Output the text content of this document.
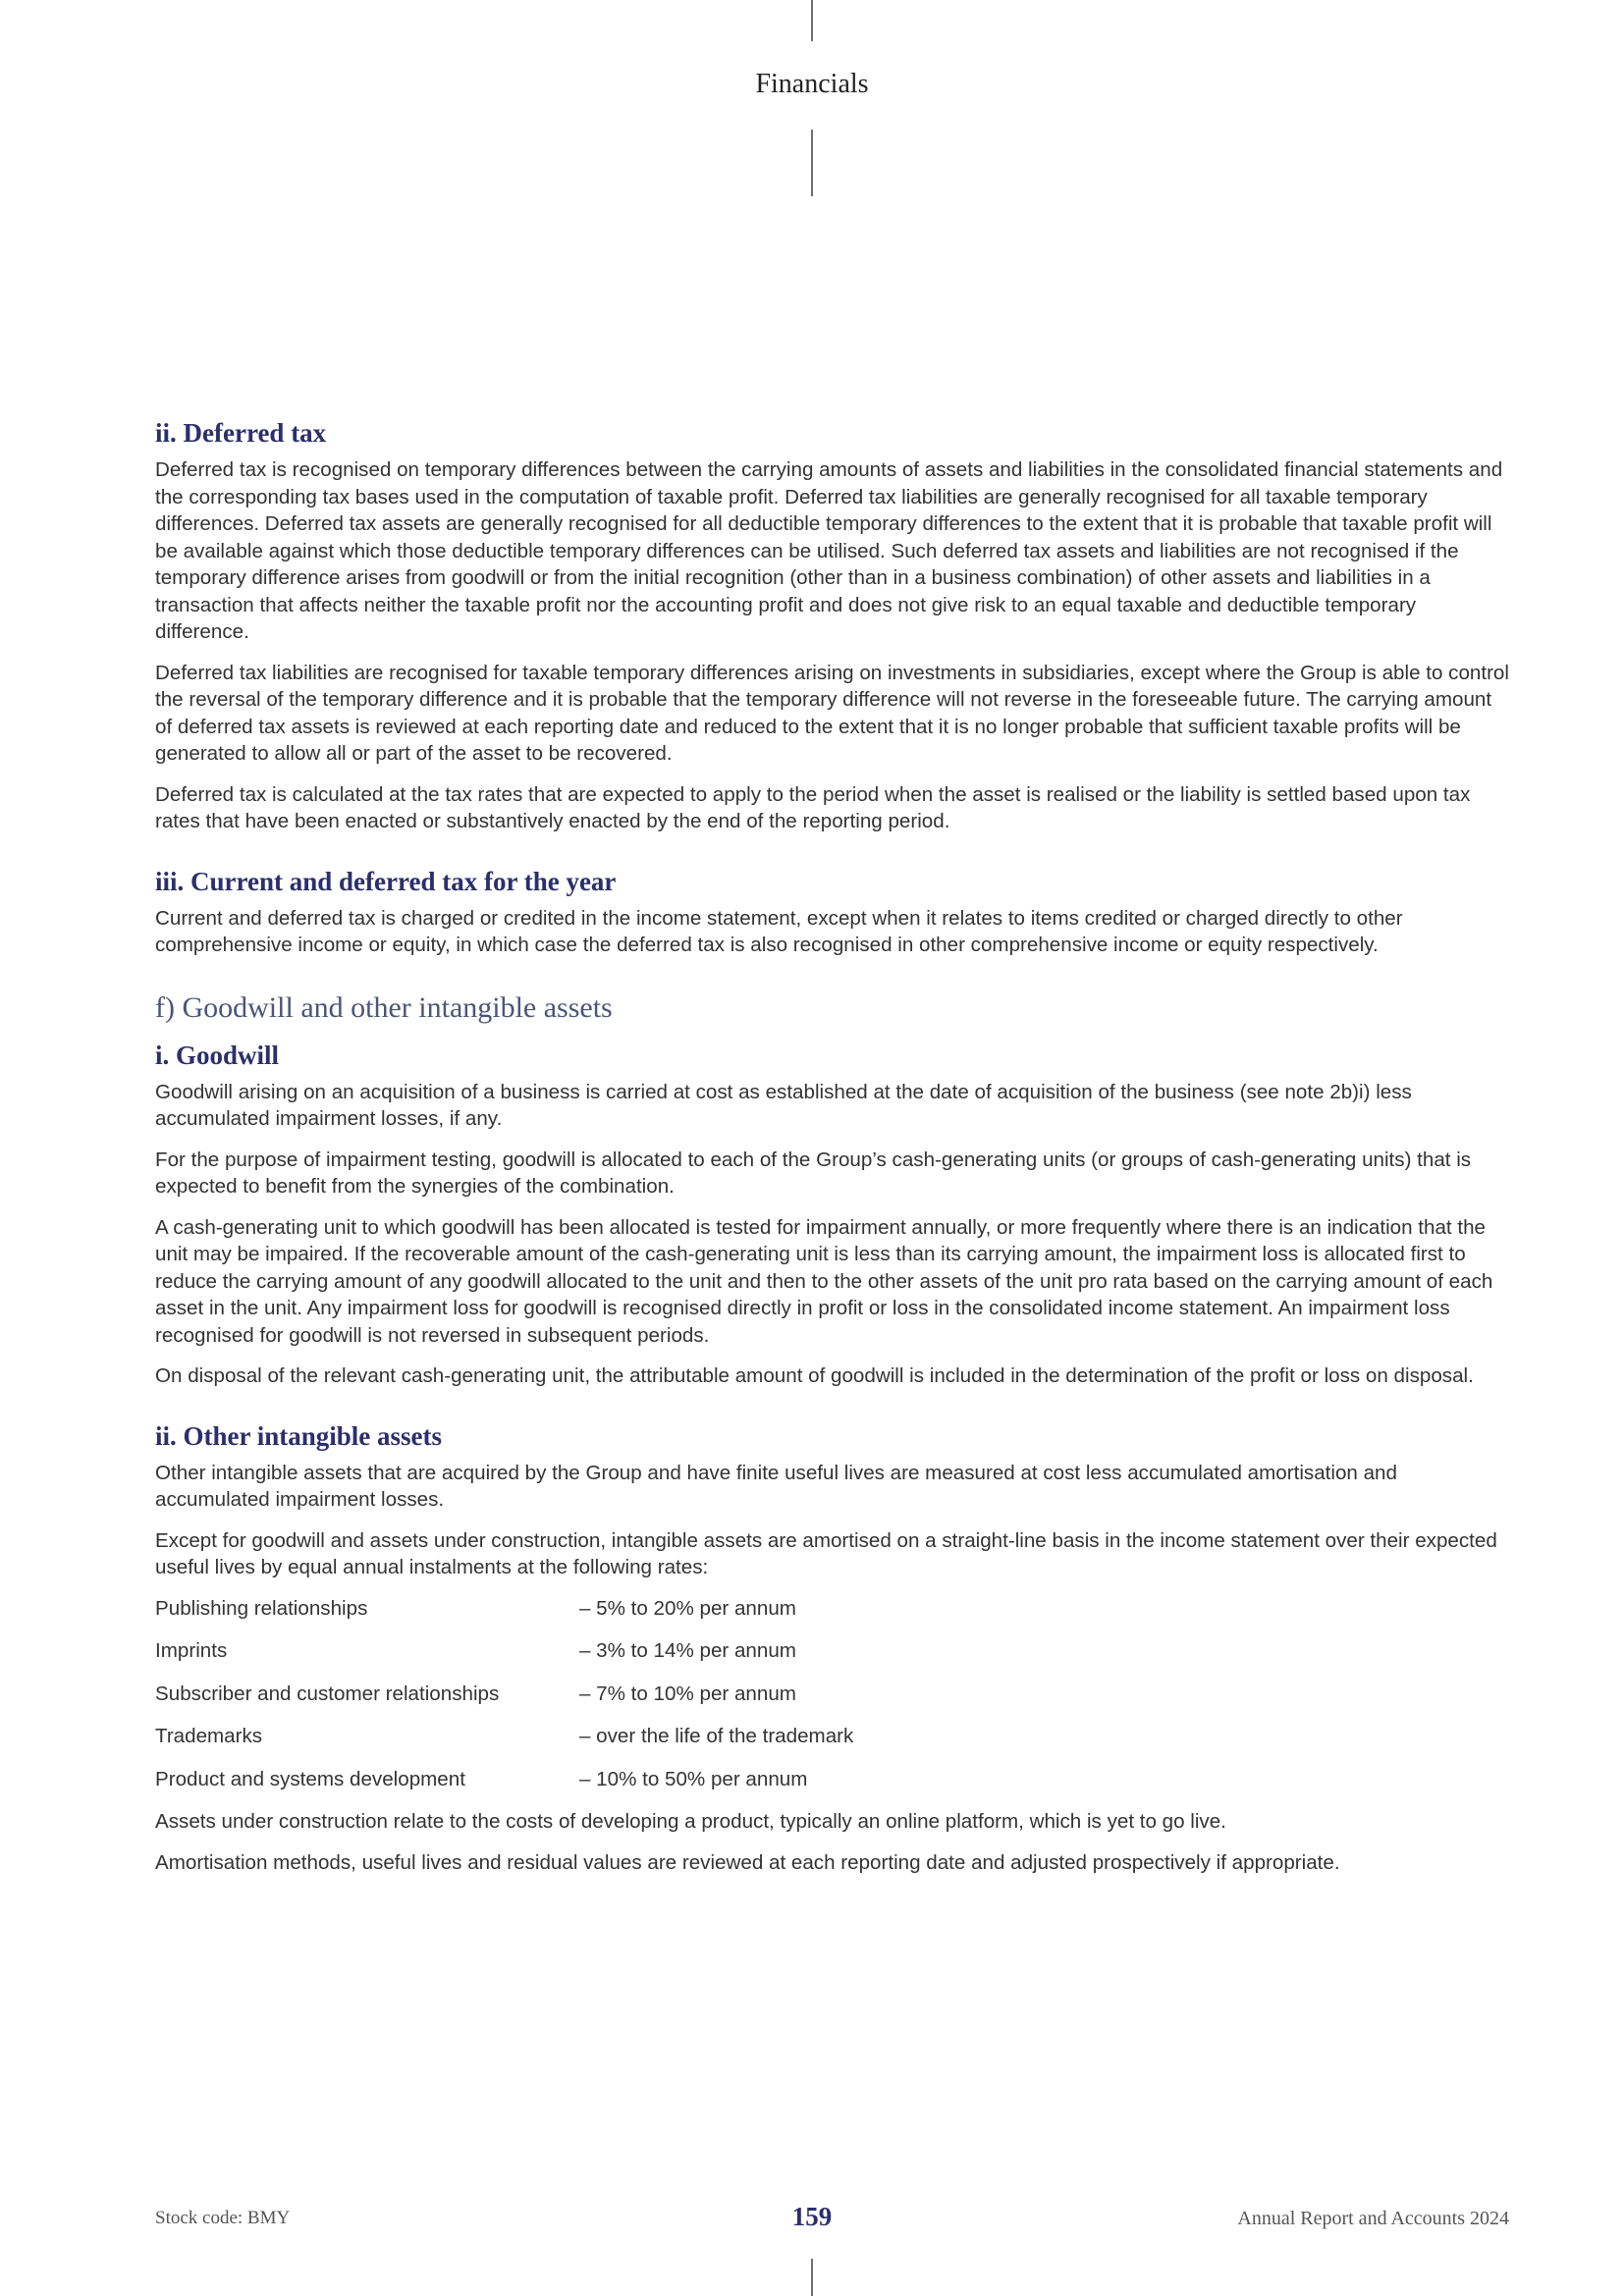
Financials
ii. Deferred tax

Deferred tax is recognised on temporary differences between the carrying amounts of assets and liabilities in the consolidated financial statements and the corresponding tax bases used in the computation of taxable profit. Deferred tax liabilities are generally recognised for all taxable temporary differences. Deferred tax assets are generally recognised for all deductible temporary differences to the extent that it is probable that taxable profit will be available against which those deductible temporary differences can be utilised. Such deferred tax assets and liabilities are not recognised if the temporary difference arises from goodwill or from the initial recognition (other than in a business combination) of other assets and liabilities in a transaction that affects neither the taxable profit nor the accounting profit and does not give risk to an equal taxable and deductible temporary difference.

Deferred tax liabilities are recognised for taxable temporary differences arising on investments in subsidiaries, except where the Group is able to control the reversal of the temporary difference and it is probable that the temporary difference will not reverse in the foreseeable future. The carrying amount of deferred tax assets is reviewed at each reporting date and reduced to the extent that it is no longer probable that sufficient taxable profits will be generated to allow all or part of the asset to be recovered.

Deferred tax is calculated at the tax rates that are expected to apply to the period when the asset is realised or the liability is settled based upon tax rates that have been enacted or substantively enacted by the end of the reporting period.

iii. Current and deferred tax for the year

Current and deferred tax is charged or credited in the income statement, except when it relates to items credited or charged directly to other comprehensive income or equity, in which case the deferred tax is also recognised in other comprehensive income or equity respectively.

f) Goodwill and other intangible assets
i. Goodwill

Goodwill arising on an acquisition of a business is carried at cost as established at the date of acquisition of the business (see note 2b)i) less accumulated impairment losses, if any.

For the purpose of impairment testing, goodwill is allocated to each of the Group’s cash-generating units (or groups of cash-generating units) that is expected to benefit from the synergies of the combination.

A cash-generating unit to which goodwill has been allocated is tested for impairment annually, or more frequently where there is an indication that the unit may be impaired. If the recoverable amount of the cash-generating unit is less than its carrying amount, the impairment loss is allocated first to reduce the carrying amount of any goodwill allocated to the unit and then to the other assets of the unit pro rata based on the carrying amount of each asset in the unit. Any impairment loss for goodwill is recognised directly in profit or loss in the consolidated income statement. An impairment loss recognised for goodwill is not reversed in subsequent periods.

On disposal of the relevant cash-generating unit, the attributable amount of goodwill is included in the determination of the profit or loss on disposal.

ii. Other intangible assets

Other intangible assets that are acquired by the Group and have finite useful lives are measured at cost less accumulated amortisation and accumulated impairment losses.

Except for goodwill and assets under construction, intangible assets are amortised on a straight-line basis in the income statement over their expected useful lives by equal annual instalments at the following rates:

Publishing relationships	– 5% to 20% per annum
Imprints	– 3% to 14% per annum
Subscriber and customer relationships	– 7% to 10% per annum
Trademarks	– over the life of the trademark
Product and systems development	– 10% to 50% per annum

Assets under construction relate to the costs of developing a product, typically an online platform, which is yet to go live.

Amortisation methods, useful lives and residual values are reviewed at each reporting date and adjusted prospectively if appropriate.

Stock code: BMY	159	Annual Report and Accounts 2024
